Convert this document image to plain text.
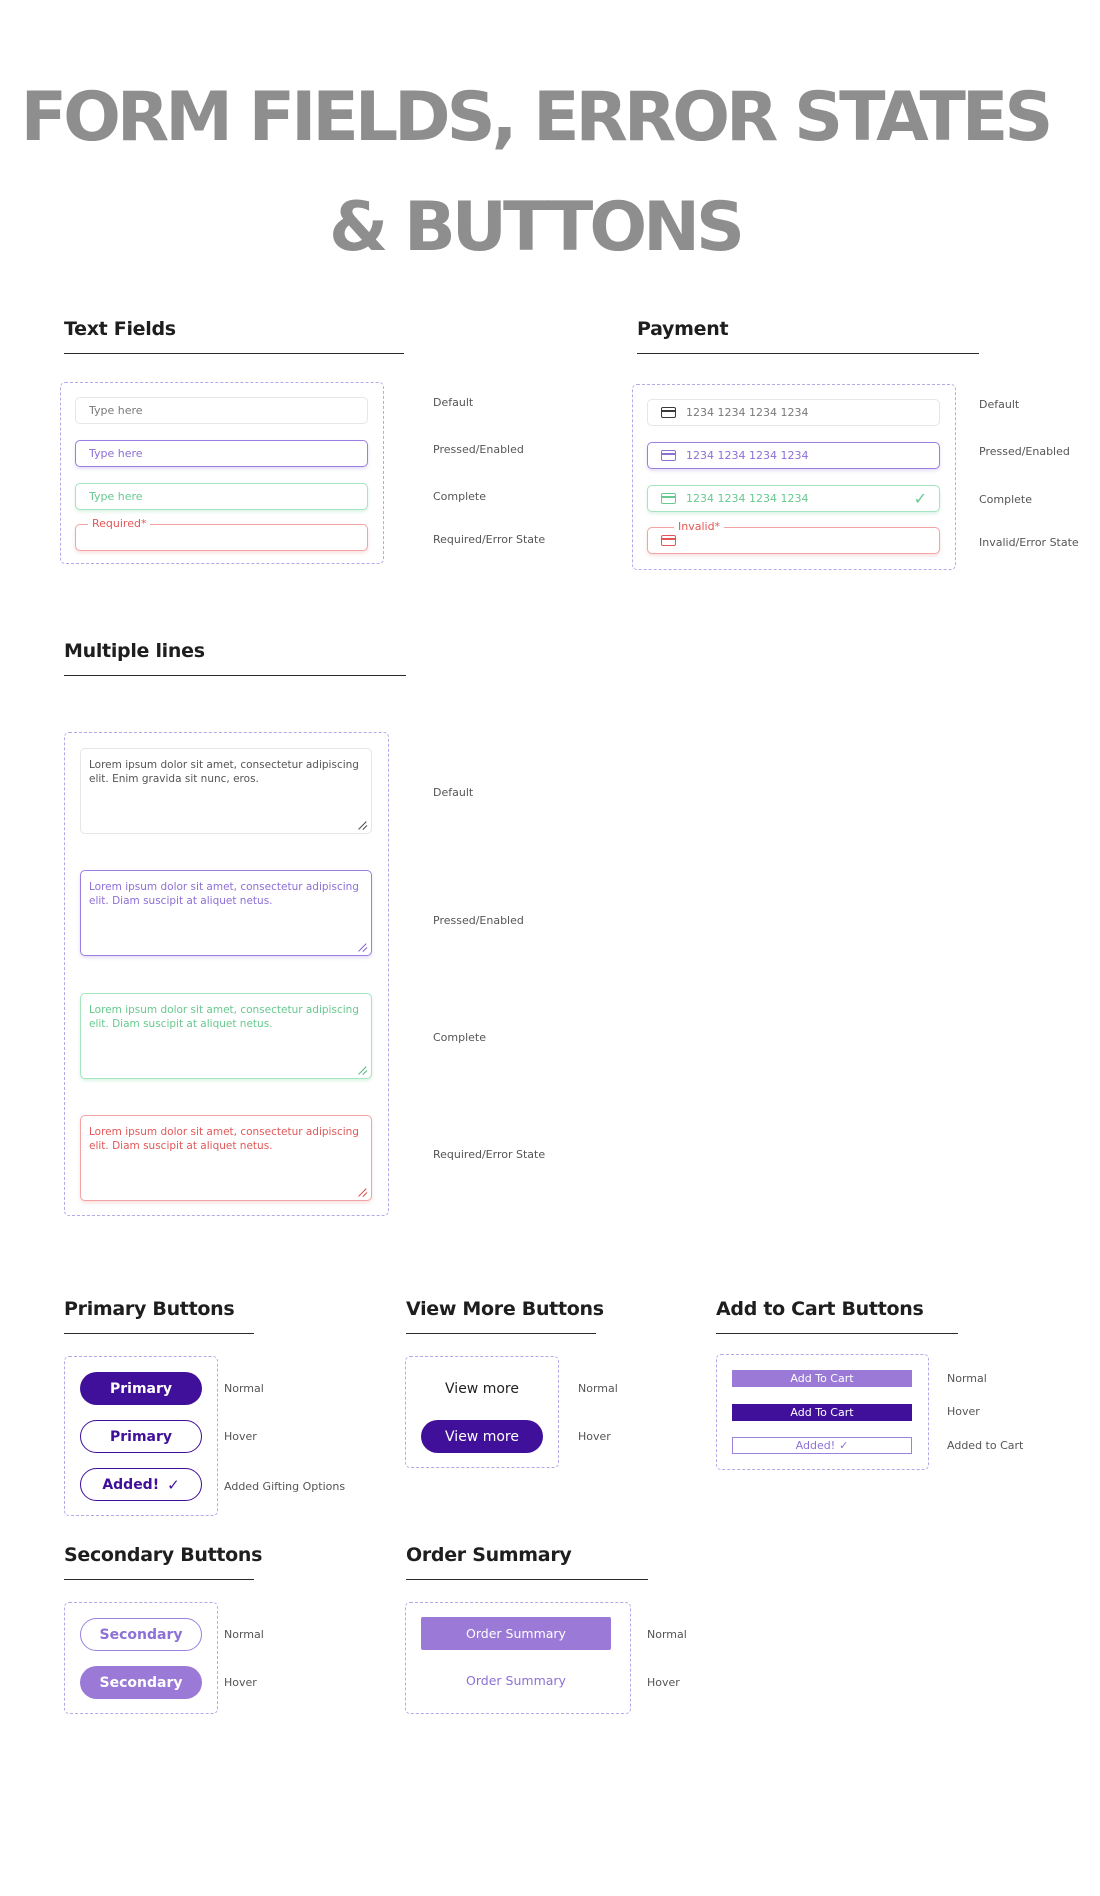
FORM FIELDS, ERROR STATES
& BUTTONS
Text Fields
Type here
Type here
Type here
Required*
Default
Pressed/Enabled
Complete
Required/Error State
Payment
1234 1234 1234 1234
1234 1234 1234 1234
1234 1234 1234 1234	✓
Invalid*
Default
Pressed/Enabled
Complete
Invalid/Error State
Multiple lines
Lorem ipsum dolor sit amet, consectetur adipiscing elit. Enim gravida sit nunc, eros.
Lorem ipsum dolor sit amet, consectetur adipiscing elit. Diam suscipit at aliquet netus.
Lorem ipsum dolor sit amet, consectetur adipiscing elit. Diam suscipit at aliquet netus.
Lorem ipsum dolor sit amet, consectetur adipiscing elit. Diam suscipit at aliquet netus.
Default
Pressed/Enabled
Complete
Required/Error State
Primary Buttons
Primary
Primary
Added! ✓
Normal
Hover
Added Gifting Options
View More Buttons
View more
View more
Normal
Hover
Add to Cart Buttons
Add To Cart
Add To Cart
Added! ✓
Normal
Hover
Added to Cart
Secondary Buttons
Secondary
Secondary
Normal
Hover
Order Summary
Order Summary
Order Summary
Normal
Hover
